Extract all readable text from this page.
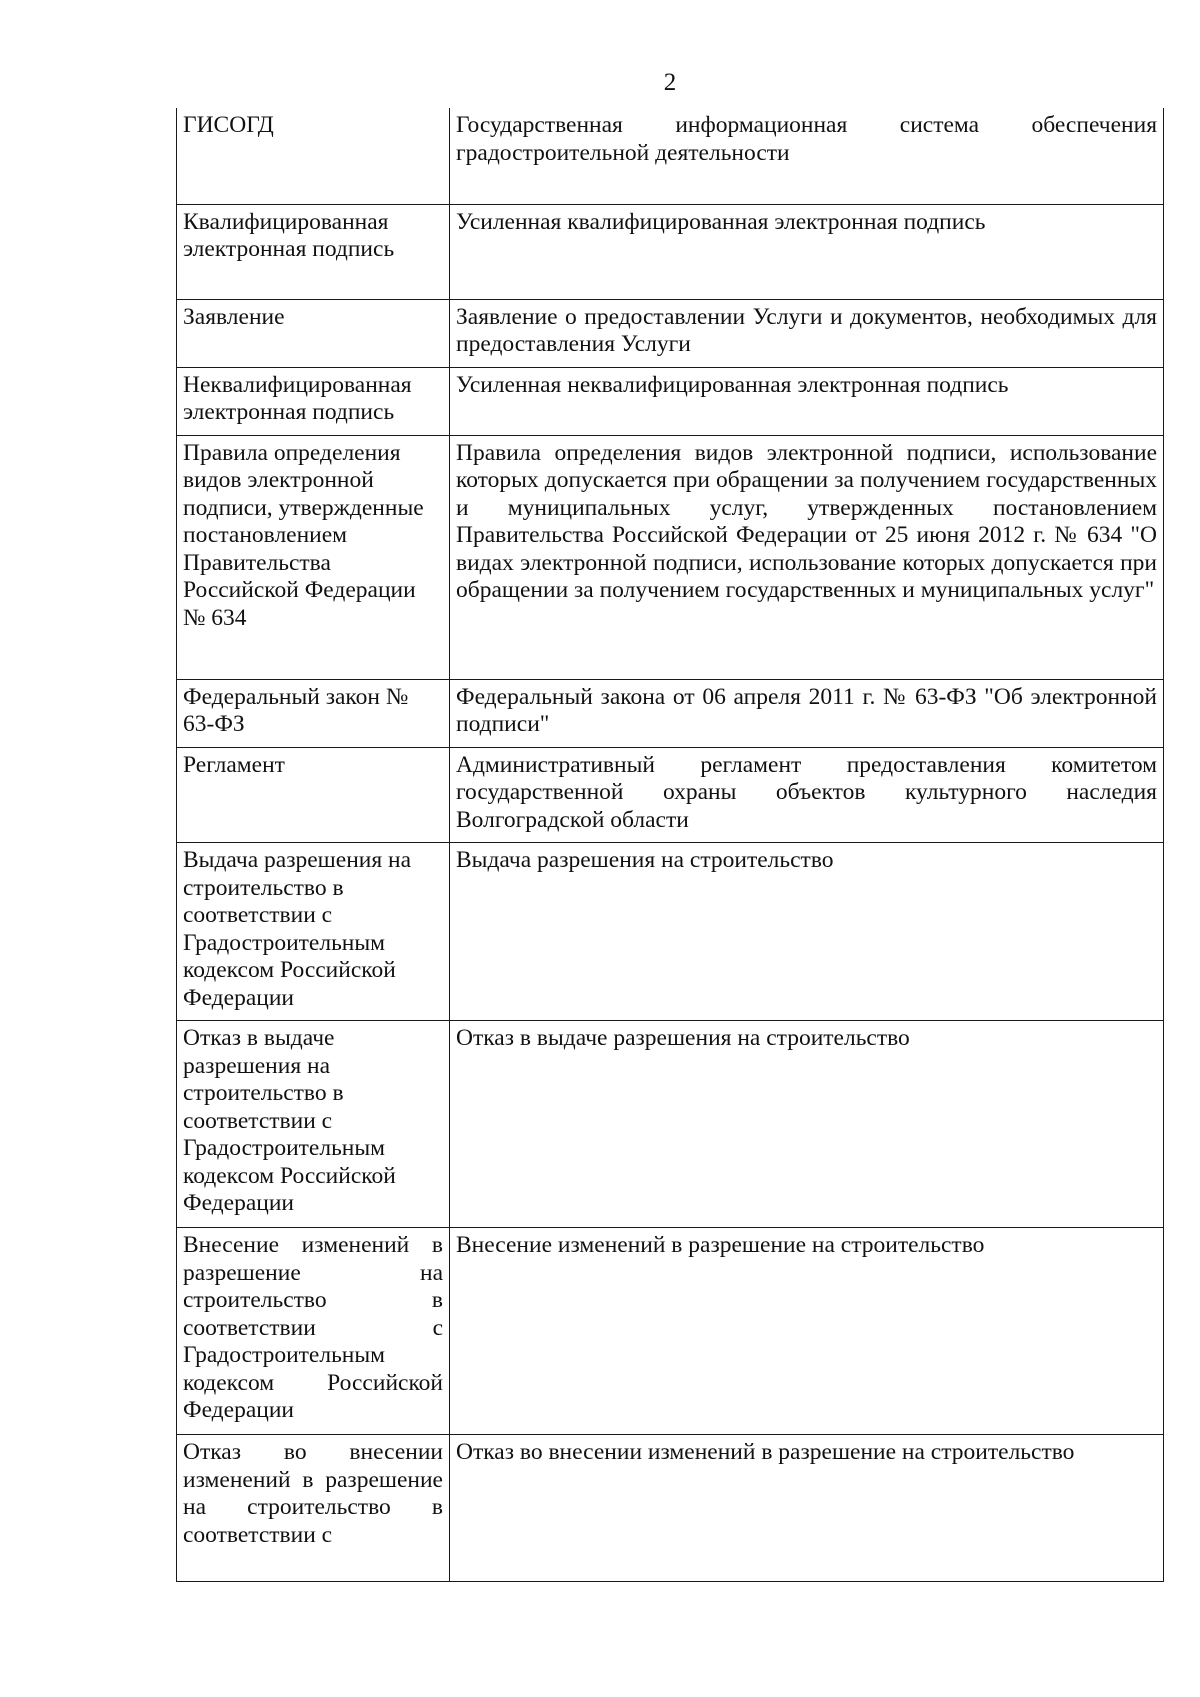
2
ГИСОГД	Государственная информационная система обеспечения градостроительной деятельности
Квалифицированная электронная подпись	Усиленная квалифицированная электронная подпись
Заявление	Заявление о предоставлении Услуги и документов, необходимых для предоставления Услуги
Неквалифицированная электронная подпись	Усиленная неквалифицированная электронная подпись
Правила определения видов электронной подписи, утвержденные постановлением Правительства Российской Федерации № 634	Правила определения видов электронной подписи, использование которых допускается при обращении за получением государственных и муниципальных услуг, утвержденных постановлением Правительства Российской Федерации от 25 июня 2012 г. № 634 "О видах электронной подписи, использование которых допускается при обращении за получением государственных и муниципальных услуг"
Федеральный закон № 63-ФЗ	Федеральный закона от 06 апреля 2011 г. № 63-ФЗ "Об электронной подписи"
Регламент	Административный регламент предоставления комитетом государственной охраны объектов культурного наследия Волгоградской области
Выдача разрешения на строительство в соответствии с Градостроительным кодексом Российской Федерации	Выдача разрешения на строительство
Отказ в выдаче разрешения на строительство в соответствии с Градостроительным кодексом Российской Федерации	Отказ в выдаче разрешения на строительство
Внесение изменений в разрешение на строительство в соответствии с Градостроительным кодексом Российской Федерации	Внесение изменений в разрешение на строительство
Отказ во внесении изменений в разрешение на строительство в соответствии с	Отказ во внесении изменений в разрешение на строительство
